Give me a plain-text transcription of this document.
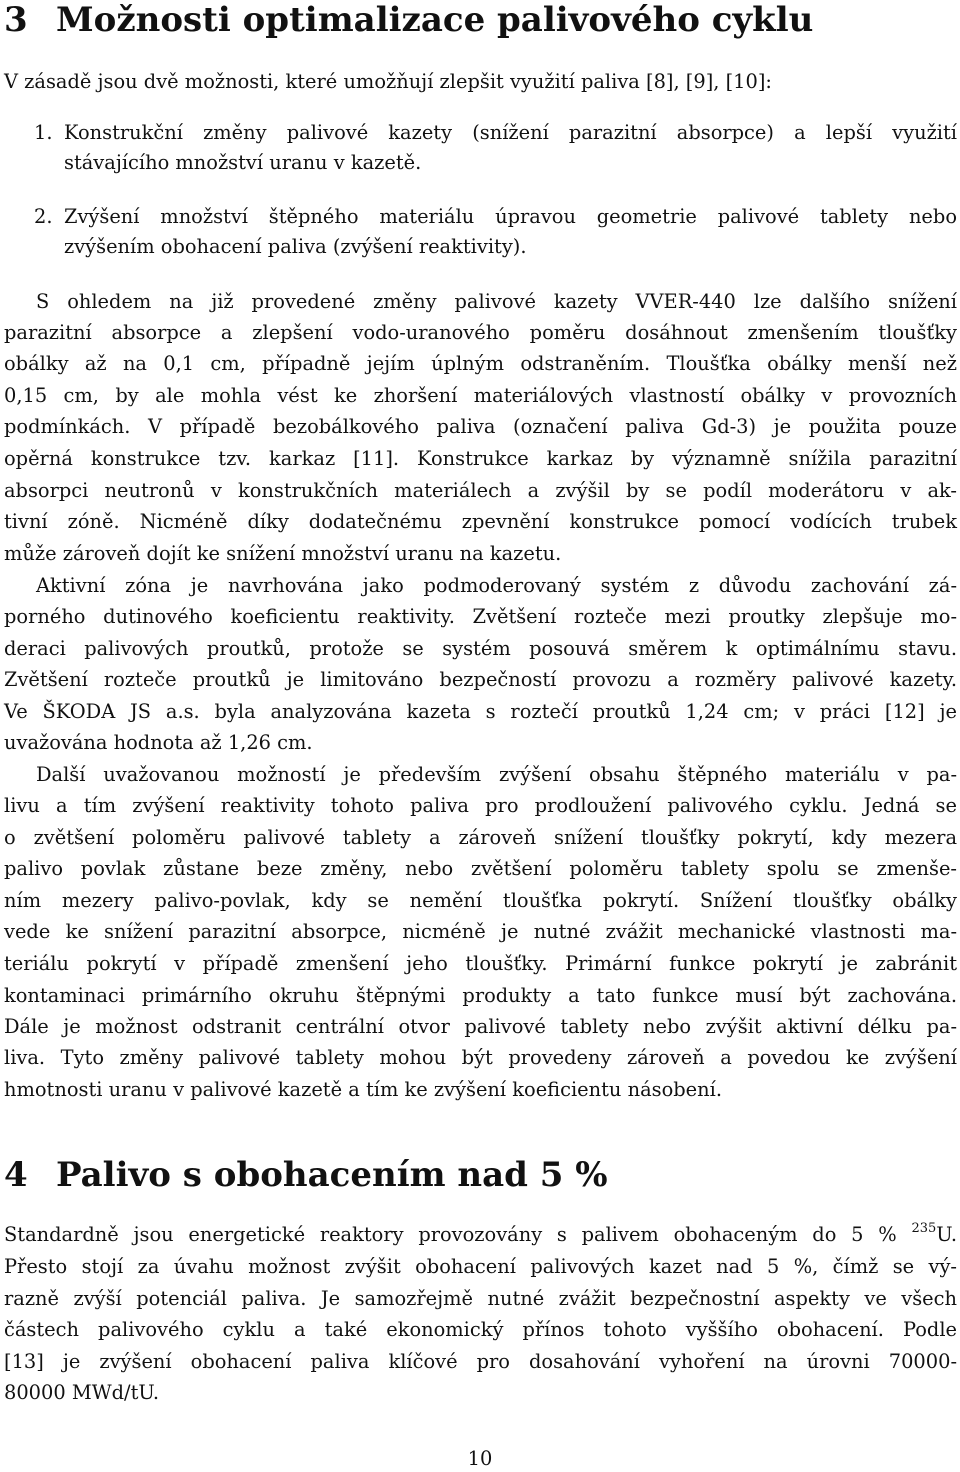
3 Možnosti optimalizace palivového cyklu
V zásadě jsou dvě možnosti, které umožňují zlepšit využití paliva [8], [9], [10]:
1. Konstrukční změny palivové kazety (snížení parazitní absorpce) a lepší využití
stávajícího množství uranu v kazetě.
2. Zvýšení množství štěpného materiálu úpravou geometrie palivové tablety nebo
zvýšením obohacení paliva (zvýšení reaktivity).
S ohledem na již provedené změny palivové kazety VVER-440 lze dalšího snížení
parazitní absorpce a zlepšení vodo-uranového poměru dosáhnout zmenšením tloušťky
obálky až na 0,1 cm, případně jejím úplným odstraněním. Tloušťka obálky menší než
0,15 cm, by ale mohla vést ke zhoršení materiálových vlastností obálky v provozních
podmínkách. V případě bezobálkového paliva (označení paliva Gd-3) je použita pouze
opěrná konstrukce tzv. karkaz [11]. Konstrukce karkaz by významně snížila parazitní
absorpci neutronů v konstrukčních materiálech a zvýšil by se podíl moderátoru v ak-
tivní zóně. Nicméně díky dodatečnému zpevnění konstrukce pomocí vodících trubek
může zároveň dojít ke snížení množství uranu na kazetu.
Aktivní zóna je navrhována jako podmoderovaný systém z důvodu zachování zá-
porného dutinového koeficientu reaktivity. Zvětšení rozteče mezi proutky zlepšuje mo-
deraci palivových proutků, protože se systém posouvá směrem k optimálnímu stavu.
Zvětšení rozteče proutků je limitováno bezpečností provozu a rozměry palivové kazety.
Ve ŠKODA JS a.s. byla analyzována kazeta s roztečí proutků 1,24 cm; v práci [12] je
uvažována hodnota až 1,26 cm.
Další uvažovanou možností je především zvýšení obsahu štěpného materiálu v pa-
livu a tím zvýšení reaktivity tohoto paliva pro prodloužení palivového cyklu. Jedná se
o zvětšení poloměru palivové tablety a zároveň snížení tloušťky pokrytí, kdy mezera
palivo povlak zůstane beze změny, nebo zvětšení poloměru tablety spolu se zmenše-
ním mezery palivo-povlak, kdy se nemění tloušťka pokrytí. Snížení tloušťky obálky
vede ke snížení parazitní absorpce, nicméně je nutné zvážit mechanické vlastnosti ma-
teriálu pokrytí v případě zmenšení jeho tloušťky. Primární funkce pokrytí je zabránit
kontaminaci primárního okruhu štěpnými produkty a tato funkce musí být zachována.
Dále je možnost odstranit centrální otvor palivové tablety nebo zvýšit aktivní délku pa-
liva. Tyto změny palivové tablety mohou být provedeny zároveň a povedou ke zvýšení
hmotnosti uranu v palivové kazetě a tím ke zvýšení koeficientu násobení.
4 Palivo s obohacením nad 5 %
Standardně jsou energetické reaktory provozovány s palivem obohaceným do 5 % $^{235}$U.
Přesto stojí za úvahu možnost zvýšit obohacení palivových kazet nad 5 %, čímž se vý-
razně zvýší potenciál paliva. Je samozřejmě nutné zvážit bezpečnostní aspekty ve všech
částech palivového cyklu a také ekonomický přínos tohoto vyššího obohacení. Podle
[13] je zvýšení obohacení paliva klíčové pro dosahování vyhoření na úrovni 70000-
80000 MWd/tU.
10
